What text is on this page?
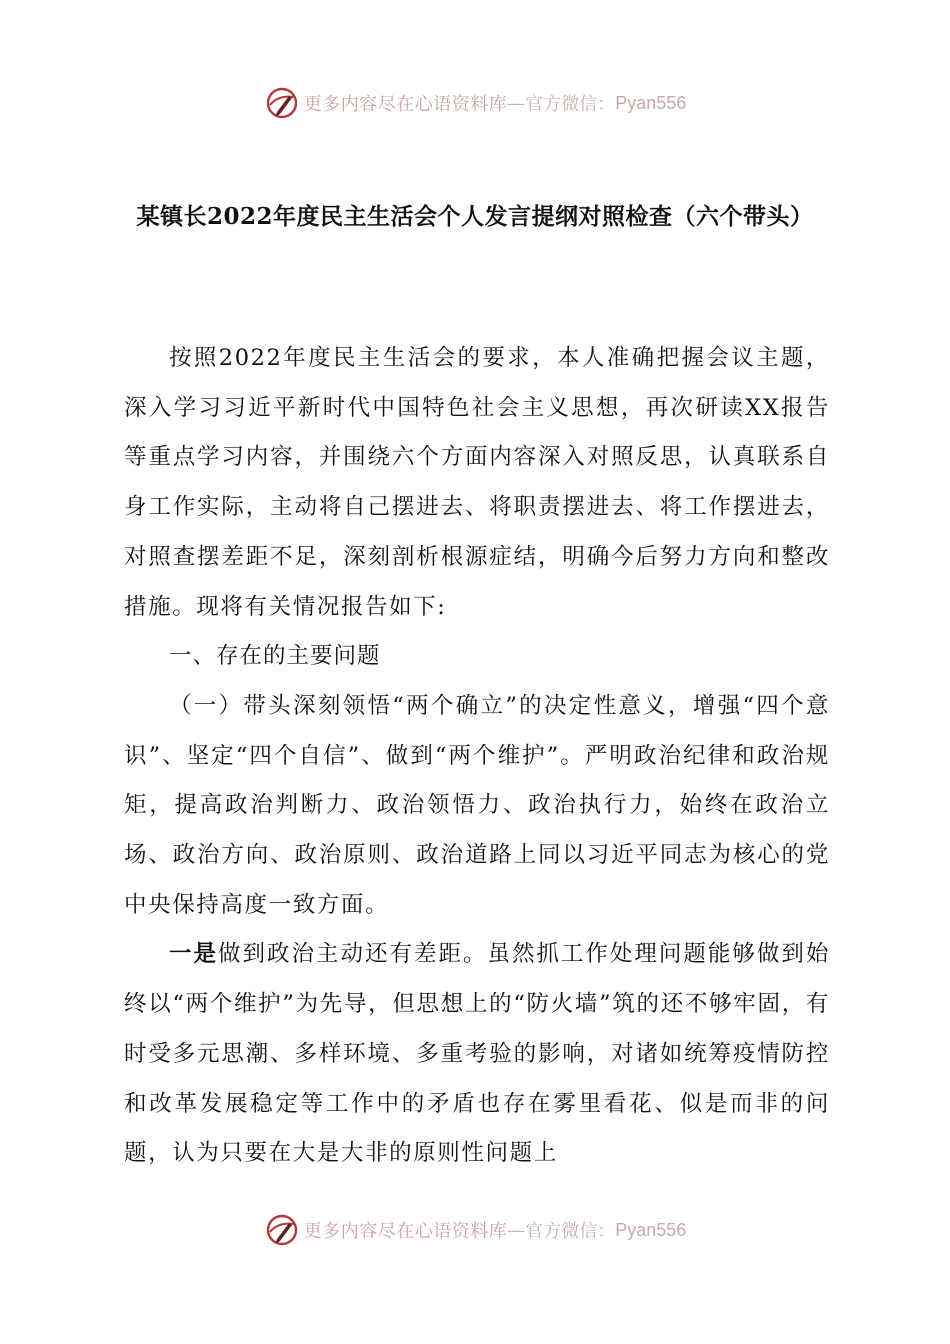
更多内容尽在心语资料库 — 官方微信： Pyan556
某镇长2022年度民主生活会个人发言提纲对照检查（六个带头）

按照2022年度民主生活会的要求，本人准确把握会议主题，深入学习习近平新时代中国特色社会主义思想，再次研读XX报告等重点学习内容，并围绕六个方面内容深入对照反思，认真联系自身工作实际，主动将自己摆进去、将职责摆进去、将工作摆进去，对照查摆差距不足，深刻剖析根源症结，明确今后努力方向和整改措施。现将有关情况报告如下:

一、存在的主要问题

（一）带头深刻领悟“两个确立”的决定性意义，增强“四个意识”、坚定“四个自信”、做到“两个维护”。严明政治纪律和政治规矩，提高政治判断力、政治领悟力、政治执行力，始终在政治立场、政治方向、政治原则、政治道路上同以习近平同志为核心的党中央保持高度一致方面。

一是做到政治主动还有差距。虽然抓工作处理问题能够做到始终以“两个维护”为先导，但思想上的“防火墙”筑的还不够牢固，有时受多元思潮、多样环境、多重考验的影响，对诸如统筹疫情防控和改革发展稳定等工作中的矛盾也存在雾里看花、似是而非的问题，认为只要在大是大非的原则性问题上

更多内容尽在心语资料库 — 官方微信： Pyan556
